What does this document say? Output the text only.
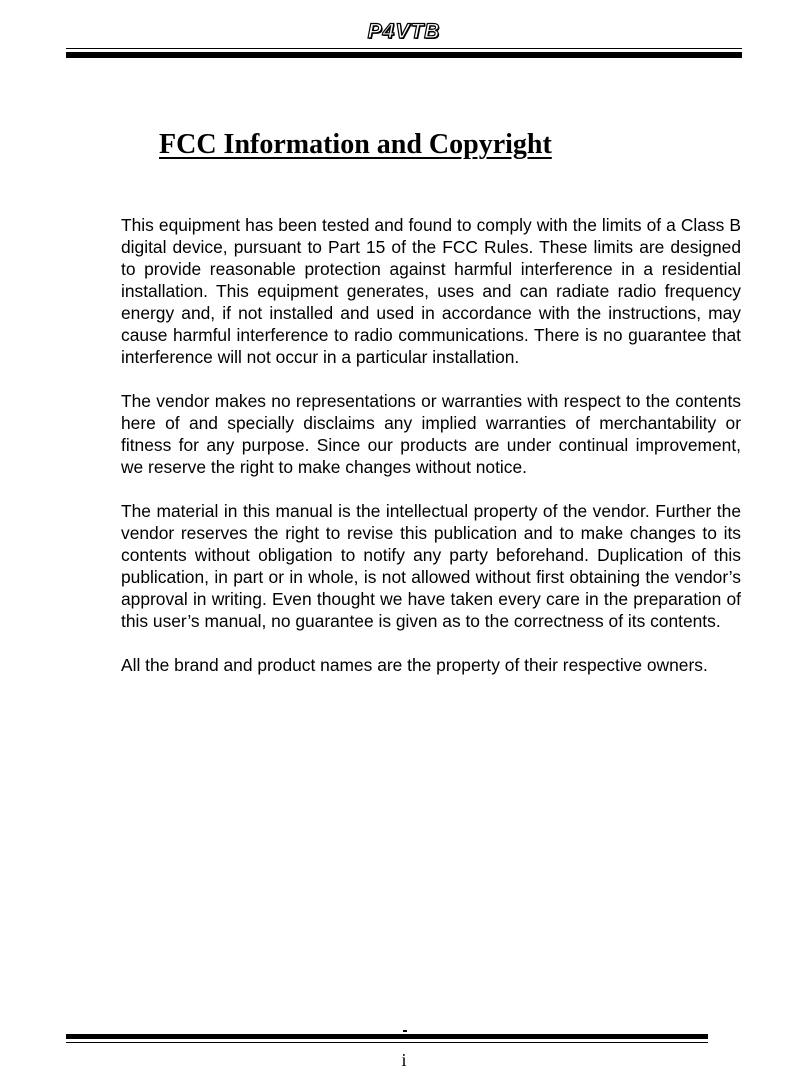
P4VTB
FCC Information and Copyright

This equipment has been tested and found to comply with the limits of a Class B digital device, pursuant to Part 15 of the FCC Rules. These limits are designed to provide reasonable protection against harmful interference in a residential installation. This equipment generates, uses and can radiate radio frequency energy and, if not installed and used in accordance with the instructions, may cause harmful interference to radio communications. There is no guarantee that interference will not occur in a particular installation.

The vendor makes no representations or warranties with respect to the contents here of and specially disclaims any implied warranties of merchantability or fitness for any purpose. Since our products are under continual improvement, we reserve the right to make changes without notice.

The material in this manual is the intellectual property of the vendor. Further the vendor reserves the right to revise this publication and to make changes to its contents without obligation to notify any party beforehand. Duplication of this publication, in part or in whole, is not allowed without first obtaining the vendor’s approval in writing. Even thought we have taken every care in the preparation of this user’s manual, no guarantee is given as to the correctness of its contents.

All the brand and product names are the property of their respective owners.

i
